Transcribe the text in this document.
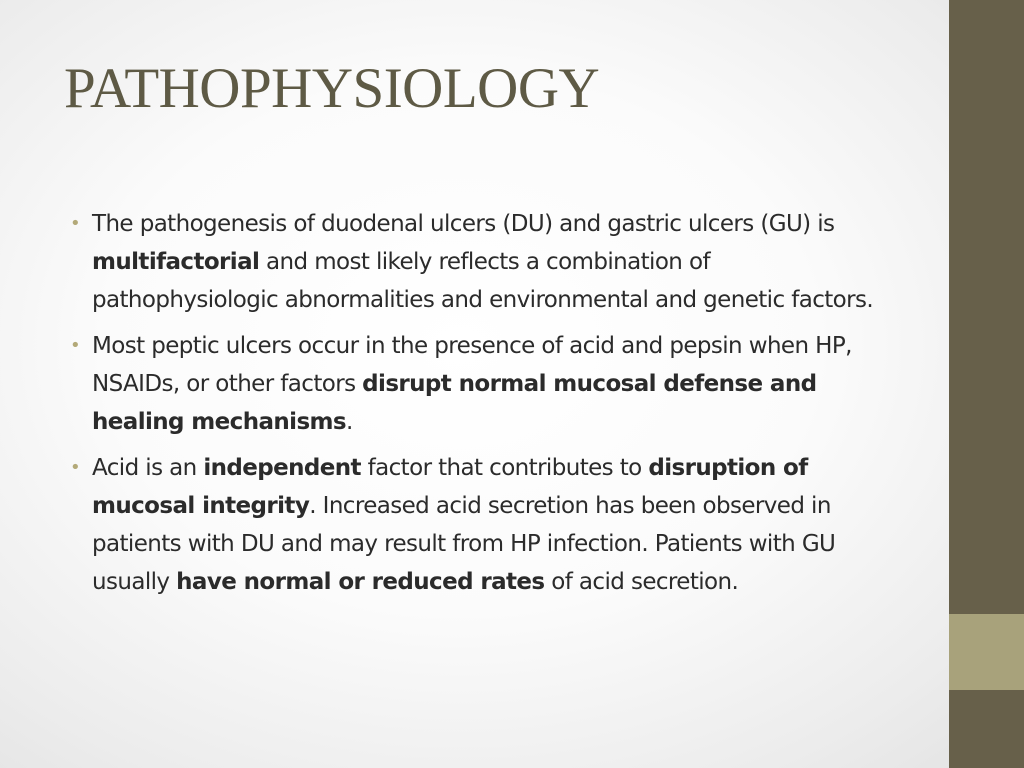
PATHOPHYSIOLOGY
• The pathogenesis of duodenal ulcers (DU) and gastric ulcers (GU) is multifactorial and most likely reflects a combination of pathophysiologic abnormalities and environmental and genetic factors.
• Most peptic ulcers occur in the presence of acid and pepsin when HP, NSAIDs, or other factors disrupt normal mucosal defense and healing mechanisms.
• Acid is an independent factor that contributes to disruption of mucosal integrity. Increased acid secretion has been observed in patients with DU and may result from HP infection. Patients with GU usually have normal or reduced rates of acid secretion.
